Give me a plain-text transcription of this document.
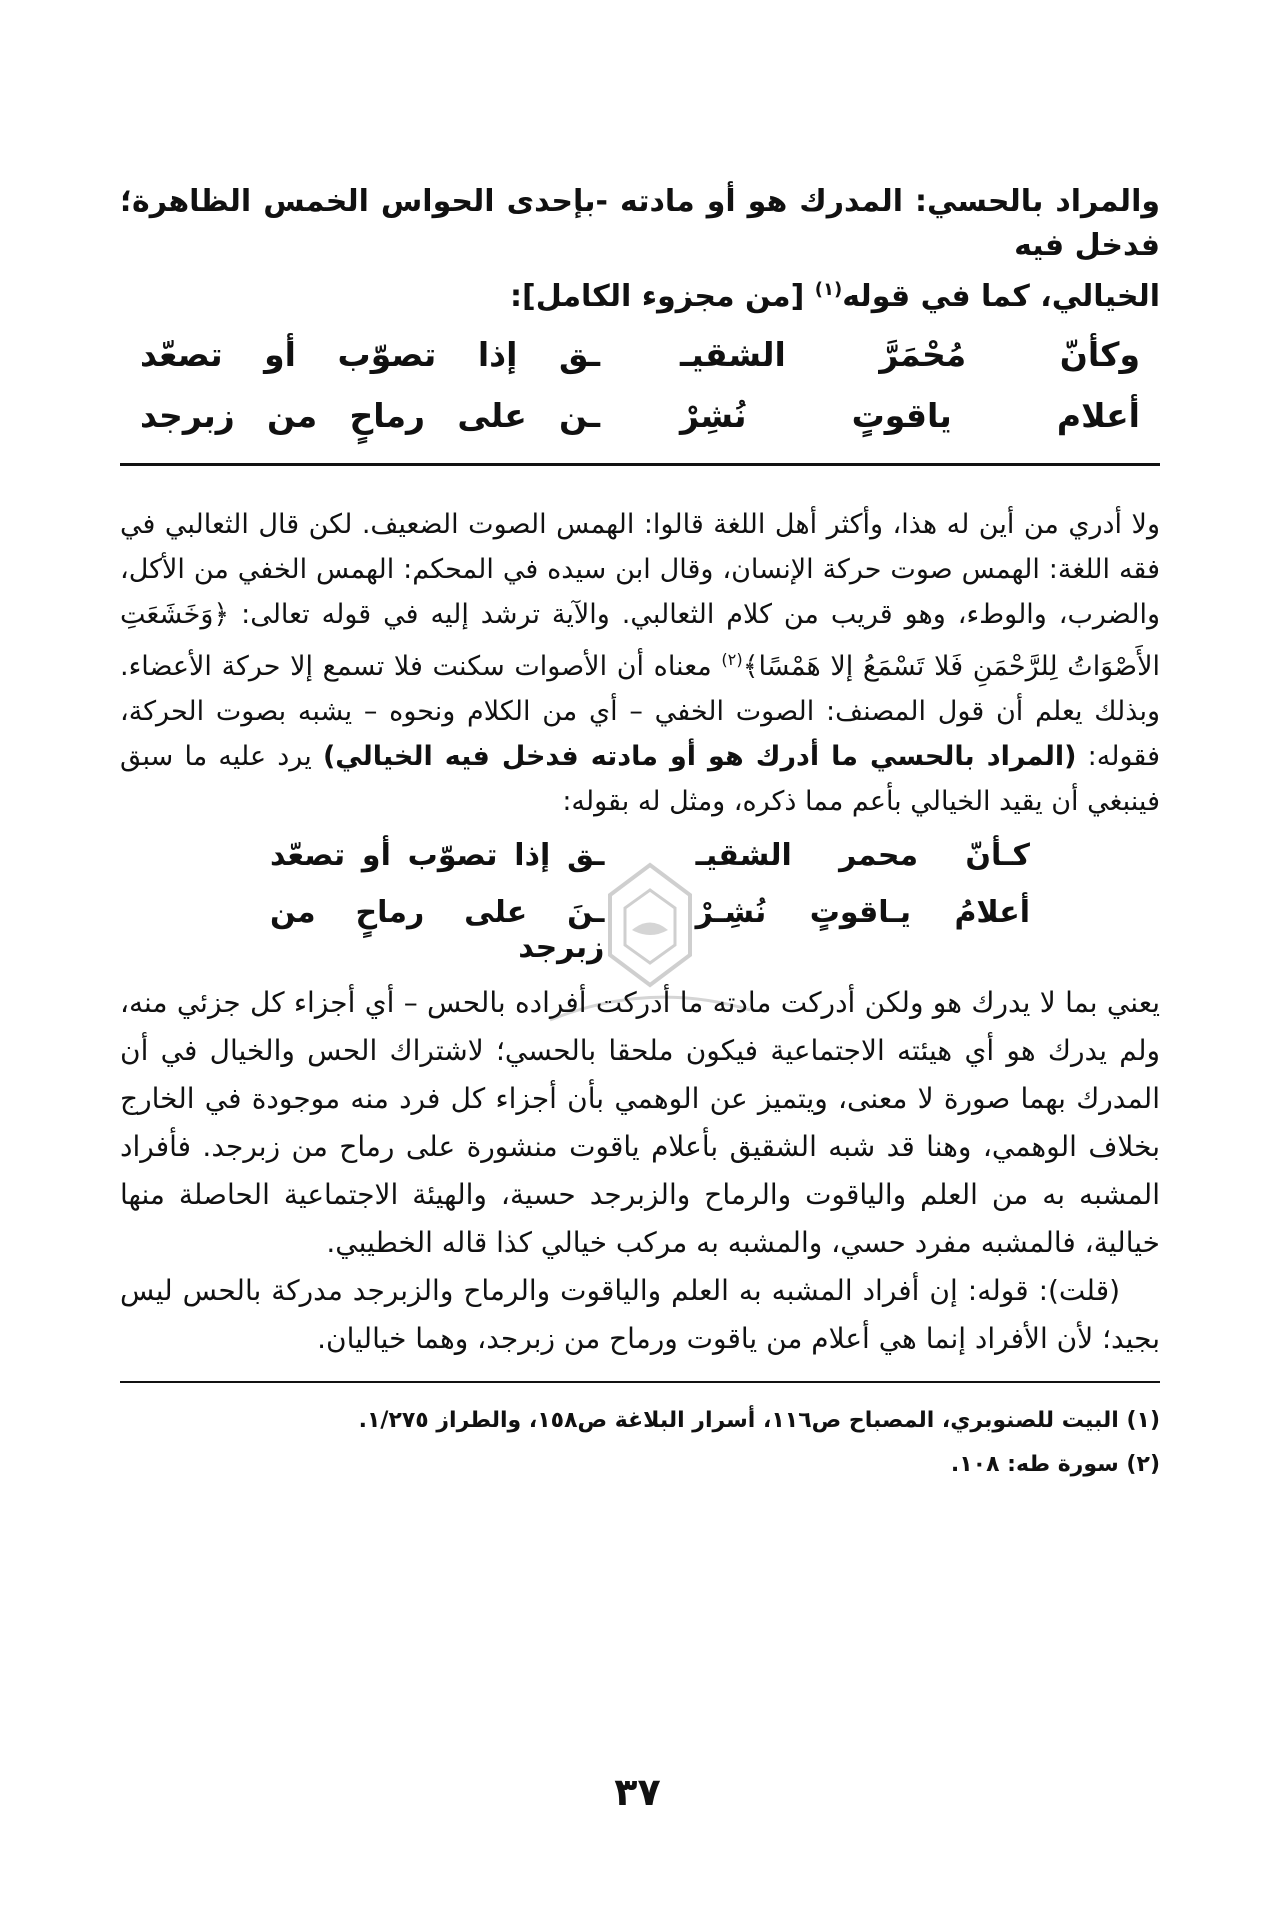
والمراد بالحسي: المدرك هو أو مادته -بإحدى الحواس الخمس الظاهرة؛ فدخل فيه

الخيالي، كما في قوله$^{(١)}$ [من مجزوء الكامل]:

وكأنّ مُحْمَرَّ الشقيـ
ـق إذا تصوّب أو تصعّد
أعلام ياقوتٍ نُشِرْ
ـن على رماحٍ من زبرجد

ولا أدري من أين له هذا، وأكثر أهل اللغة قالوا: الهمس الصوت الضعيف. لكن قال الثعالبي في فقه اللغة: الهمس صوت حركة الإنسان، وقال ابن سيده في المحكم: الهمس الخفي من الأكل، والضرب، والوطء، وهو قريب من كلام الثعالبي. والآية ترشد إليه في قوله تعالى: ﴿وَخَشَعَتِ الأَصْوَاتُ لِلرَّحْمَنِ فَلا تَسْمَعُ إلا هَمْسًا﴾$^{(٢)}$ معناه أن الأصوات سكنت فلا تسمع إلا حركة الأعضاء. وبذلك يعلم أن قول المصنف: الصوت الخفي – أي من الكلام ونحوه – يشبه بصوت الحركة، فقوله: (المراد بالحسي ما أدرك هو أو مادته فدخل فيه الخيالي) يرد عليه ما سبق فينبغي أن يقيد الخيالي بأعم مما ذكره، ومثل له بقوله:

كـأنّ محمر الشقيـ
ـق إذا تصوّب أو تصعّد
أعلامُ يـاقوتٍ نُشِـرْ
ـنَ على رماحٍ من زبرجد

يعني بما لا يدرك هو ولكن أدركت مادته ما أدركت أفراده بالحس – أي أجزاء كل جزئي منه، ولم يدرك هو أي هيئته الاجتماعية فيكون ملحقا بالحسي؛ لاشتراك الحس والخيال في أن المدرك بهما صورة لا معنى، ويتميز عن الوهمي بأن أجزاء كل فرد منه موجودة في الخارج بخلاف الوهمي، وهنا قد شبه الشقيق بأعلام ياقوت منشورة على رماح من زبرجد. فأفراد المشبه به من العلم والياقوت والرماح والزبرجد حسية، والهيئة الاجتماعية الحاصلة منها خيالية، فالمشبه مفرد حسي، والمشبه به مركب خيالي كذا قاله الخطيبي.

(قلت): قوله: إن أفراد المشبه به العلم والياقوت والرماح والزبرجد مدركة بالحس ليس بجيد؛ لأن الأفراد إنما هي أعلام من ياقوت ورماح من زبرجد، وهما خياليان.

(١) البيت للصنوبري، المصباح ص١١٦، أسرار البلاغة ص١٥٨، والطراز ١/٢٧٥.

(٢) سورة طه: ١٠٨.

٣٧
